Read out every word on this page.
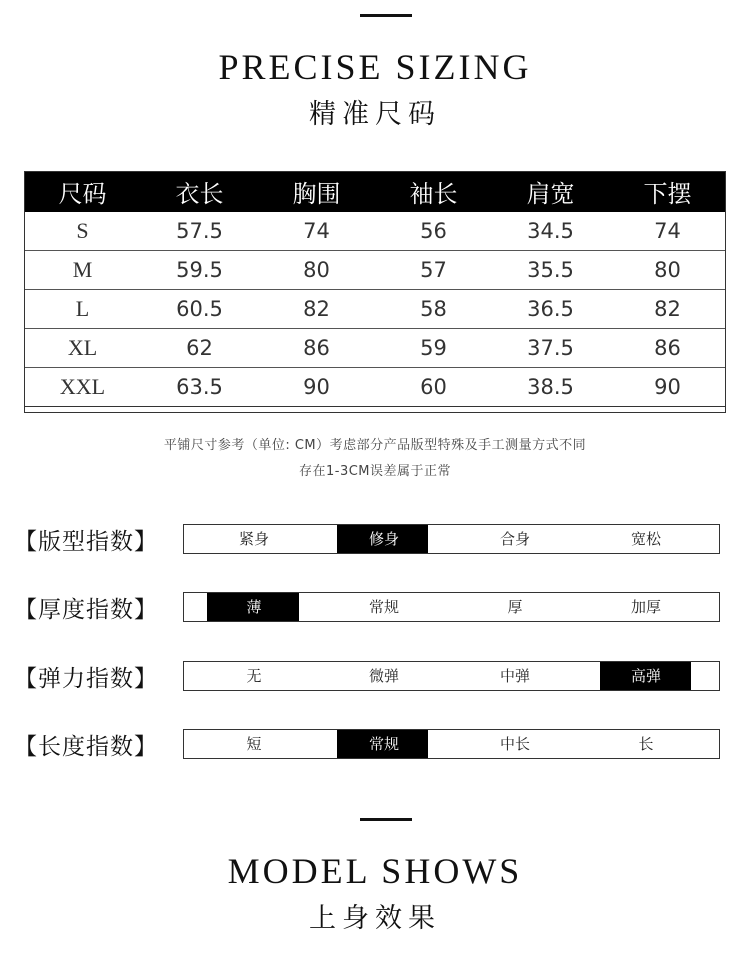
PRECISE SIZING
精准尺码
尺码	衣长	胸围	袖长	肩宽	下摆
S	57.5	74	56	34.5	74
M	59.5	80	57	35.5	80
L	60.5	82	58	36.5	82
XL	62	86	59	37.5	86
XXL	63.5	90	60	38.5	90
平铺尺寸参考（单位: CM）考虑部分产品版型特殊及手工测量方式不同
存在1-3CM误差属于正常
【版型指数】	紧身	修身	合身	宽松
【厚度指数】	薄	常规	厚	加厚
【弹力指数】	无	微弹	中弹	高弹
【长度指数】	短	常规	中长	长
MODEL SHOWS
上身效果
